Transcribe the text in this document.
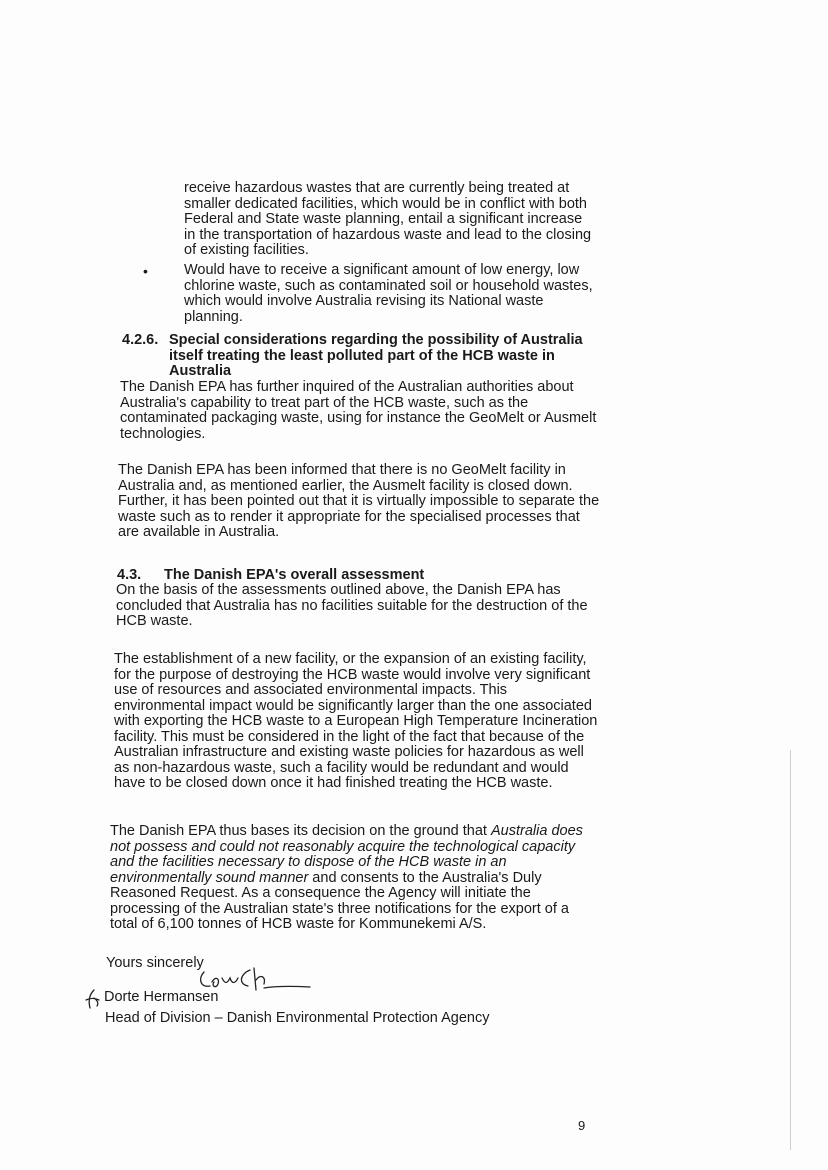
receive hazardous wastes that are currently being treated at smaller dedicated facilities, which would be in conflict with both Federal and State waste planning, entail a significant increase in the transportation of hazardous waste and lead to the closing of existing facilities.
• Would have to receive a significant amount of low energy, low chlorine waste, such as contaminated soil or household wastes, which would involve Australia revising its National waste planning.
4.2.6. Special considerations regarding the possibility of Australia itself treating the least polluted part of the HCB waste in Australia
The Danish EPA has further inquired of the Australian authorities about Australia's capability to treat part of the HCB waste, such as the contaminated packaging waste, using for instance the GeoMelt or Ausmelt technologies.
The Danish EPA has been informed that there is no GeoMelt facility in Australia and, as mentioned earlier, the Ausmelt facility is closed down. Further, it has been pointed out that it is virtually impossible to separate the waste such as to render it appropriate for the specialised processes that are available in Australia.
4.3. The Danish EPA's overall assessment
On the basis of the assessments outlined above, the Danish EPA has concluded that Australia has no facilities suitable for the destruction of the HCB waste.
The establishment of a new facility, or the expansion of an existing facility, for the purpose of destroying the HCB waste would involve very significant use of resources and associated environmental impacts. This environmental impact would be significantly larger than the one associated with exporting the HCB waste to a European High Temperature Incineration facility. This must be considered in the light of the fact that because of the Australian infrastructure and existing waste policies for hazardous as well as non-hazardous waste, such a facility would be redundant and would have to be closed down once it had finished treating the HCB waste.
The Danish EPA thus bases its decision on the ground that Australia does not possess and could not reasonably acquire the technological capacity and the facilities necessary to dispose of the HCB waste in an environmentally sound manner and consents to the Australia's Duly Reasoned Request. As a consequence the Agency will initiate the processing of the Australian state's three notifications for the export of a total of 6,100 tonnes of HCB waste for Kommunekemi A/S.
Yours sincerely
Dorte Hermansen
Head of Division – Danish Environmental Protection Agency
9
